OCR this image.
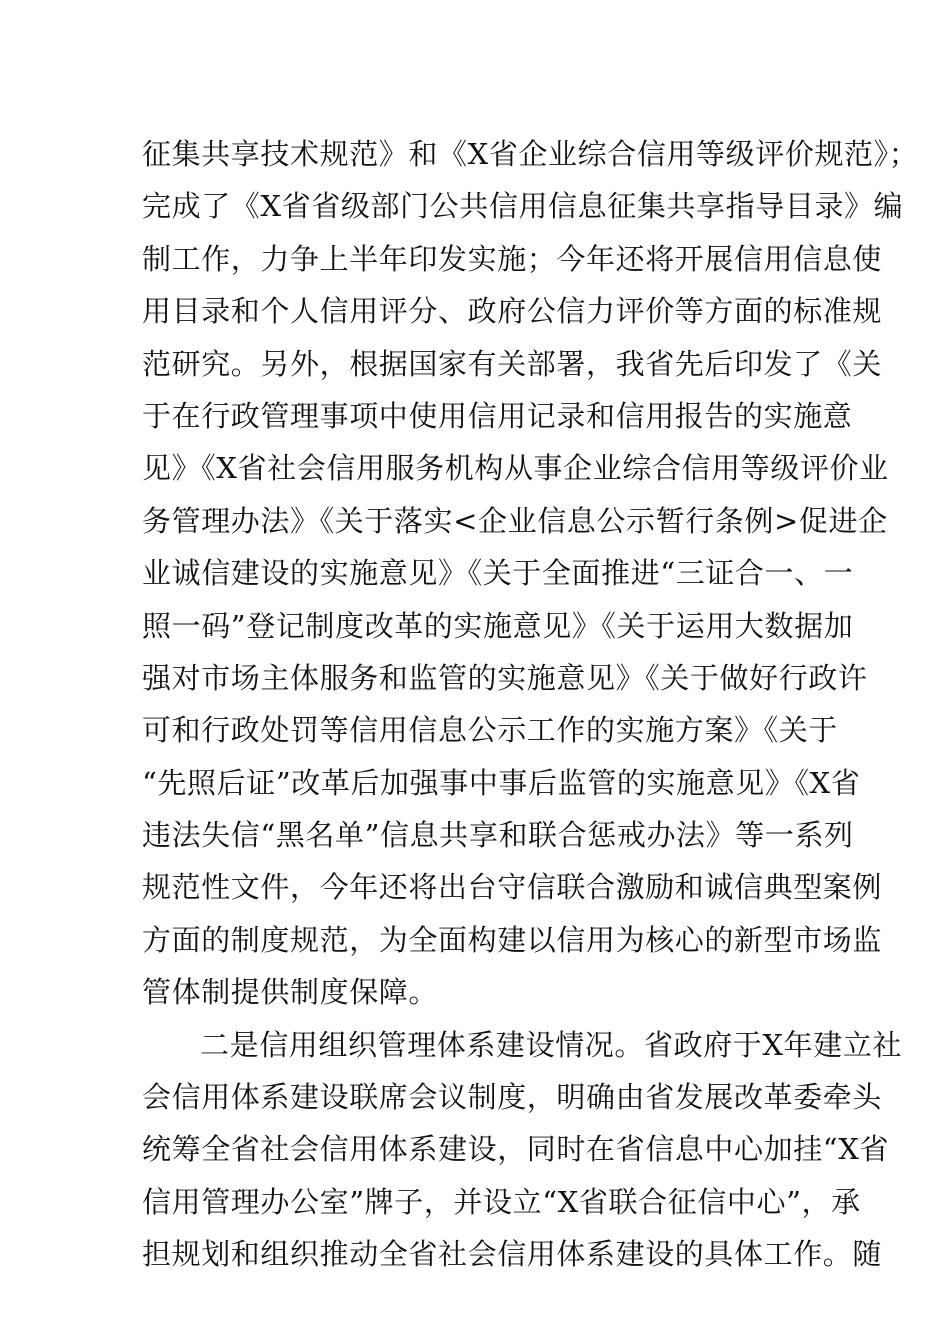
征集共享技术规范》和《X省企业综合信用等级评价规范》；
完成了《X省省级部门公共信用信息征集共享指导目录》编
制工作，力争上半年印发实施；今年还将开展信用信息使
用目录和个人信用评分、政府公信力评价等方面的标准规
范研究。另外，根据国家有关部署，我省先后印发了《关
于在行政管理事项中使用信用记录和信用报告的实施意
见》《X省社会信用服务机构从事企业综合信用等级评价业
务管理办法》《关于落实<企业信息公示暂行条例>促进企
业诚信建设的实施意见》《关于全面推进“三证合一、一
照一码”登记制度改革的实施意见》《关于运用大数据加
强对市场主体服务和监管的实施意见》《关于做好行政许
可和行政处罚等信用信息公示工作的实施方案》《关于
“先照后证”改革后加强事中事后监管的实施意见》《X省
违法失信“黑名单”信息共享和联合惩戒办法》等一系列
规范性文件，今年还将出台守信联合激励和诚信典型案例
方面的制度规范，为全面构建以信用为核心的新型市场监
管体制提供制度保障。
二是信用组织管理体系建设情况。省政府于X年建立社
会信用体系建设联席会议制度，明确由省发展改革委牵头
统筹全省社会信用体系建设，同时在省信息中心加挂“X省
信用管理办公室”牌子，并设立“X省联合征信中心”，承
担规划和组织推动全省社会信用体系建设的具体工作。随
